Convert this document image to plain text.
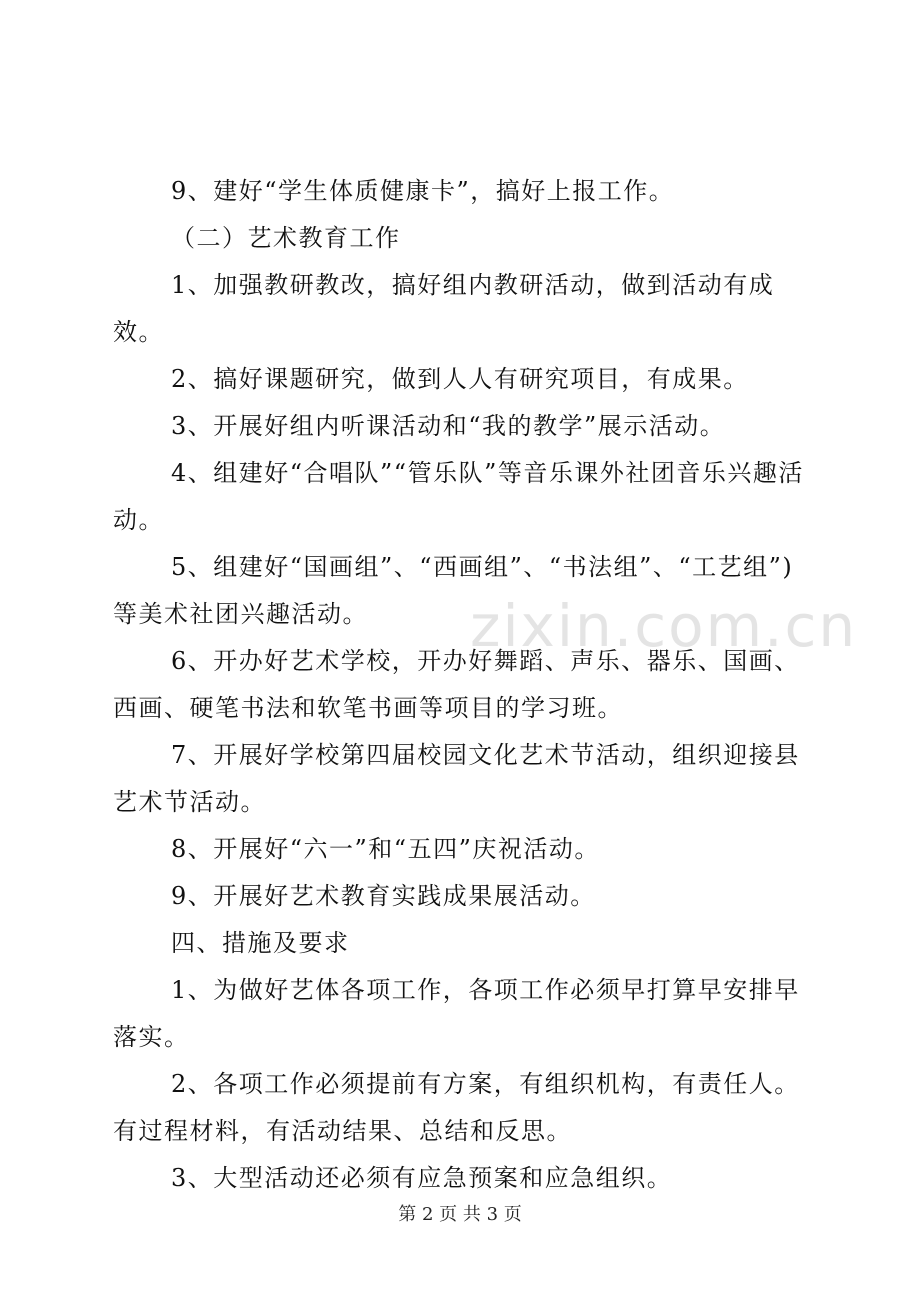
9、建好“学生体质健康卡”，搞好上报工作。

（二）艺术教育工作

1、加强教研教改，搞好组内教研活动，做到活动有成效。

2、搞好课题研究，做到人人有研究项目，有成果。

3、开展好组内听课活动和“我的教学”展示活动。

4、组建好“合唱队”“管乐队”等音乐课外社团音乐兴趣活动。

5、组建好“国画组”、“西画组”、“书法组”、“工艺组”)等美术社团兴趣活动。

6、开办好艺术学校，开办好舞蹈、声乐、器乐、国画、西画、硬笔书法和软笔书画等项目的学习班。

7、开展好学校第四届校园文化艺术节活动，组织迎接县艺术节活动。

8、开展好“六一”和“五四”庆祝活动。

9、开展好艺术教育实践成果展活动。

四、措施及要求

1、为做好艺体各项工作，各项工作必须早打算早安排早落实。

2、各项工作必须提前有方案，有组织机构，有责任人。有过程材料，有活动结果、总结和反思。

3、大型活动还必须有应急预案和应急组织。

zixin.com.cn
第 2 页 共 3 页
